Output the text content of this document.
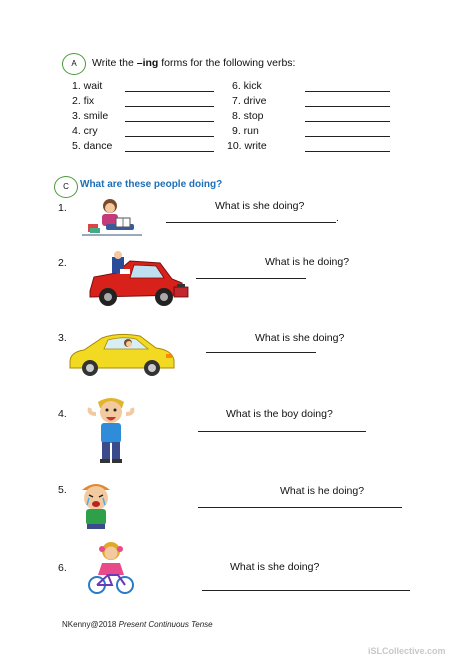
A	Write the –ing forms for the following verbs:
1. wait
2. fix
3. smile
4. cry
5. dance
6. kick
7. drive
8. stop
9. run
10. write
C	What are these people doing?
1.	What is she doing?
.
2.	What is he doing?
3.	What is she doing?
4.	What is the boy doing?
5.	What is he doing?
6.	What is she doing?
NKenny@2018 Present Continuous Tense
iSLCollective.com
